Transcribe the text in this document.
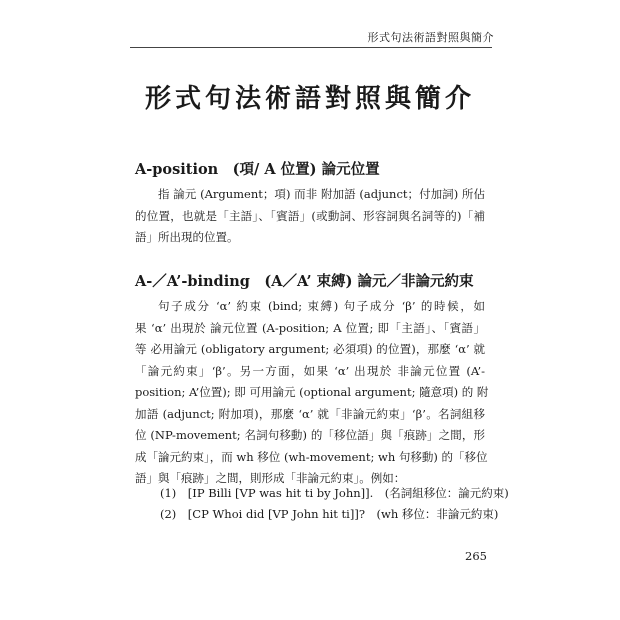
形式句法術語對照與簡介
形式句法術語對照與簡介
A-position　(項/ A 位置) 論元位置
指 論元 (Argument；項) 而非 附加語 (adjunct；付加詞) 所佔
的位置，也就是「主語」、「賓語」(或動詞、形容詞與名詞等的)「補
語」所出現的位置。
A-／A’-binding　(A／A’ 束縛) 論元／非論元約束
句子成分 ‘α’ 約束 (bind; 束縛) 句子成分 ‘β’ 的時候，如
果 ‘α’ 出現於 論元位置 (A-position; A 位置; 即「主語」、「賓語」
等 必用論元 (obligatory argument; 必須項) 的位置)，那麼 ‘α’ 就
「論元約束」‘β’。另一方面，如果 ‘α’ 出現於 非論元位置 (A’-
position; A’位置); 即 可用論元 (optional argument; 隨意項) 的 附
加語 (adjunct; 附加項)，那麼 ‘α’ 就「非論元約束」‘β’。名詞組移
位 (NP-movement; 名詞句移動) 的「移位語」與「痕跡」之間，形
成「論元約束」，而 wh 移位 (wh-movement; wh 句移動) 的「移位
語」與「痕跡」之間，則形成「非論元約束」。例如：
(1)　[IP Billi [VP was hit ti by John]].　(名詞組移位：論元約束)
(2)　[CP Whoi did [VP John hit ti]]?　(wh 移位：非論元約束)
265
